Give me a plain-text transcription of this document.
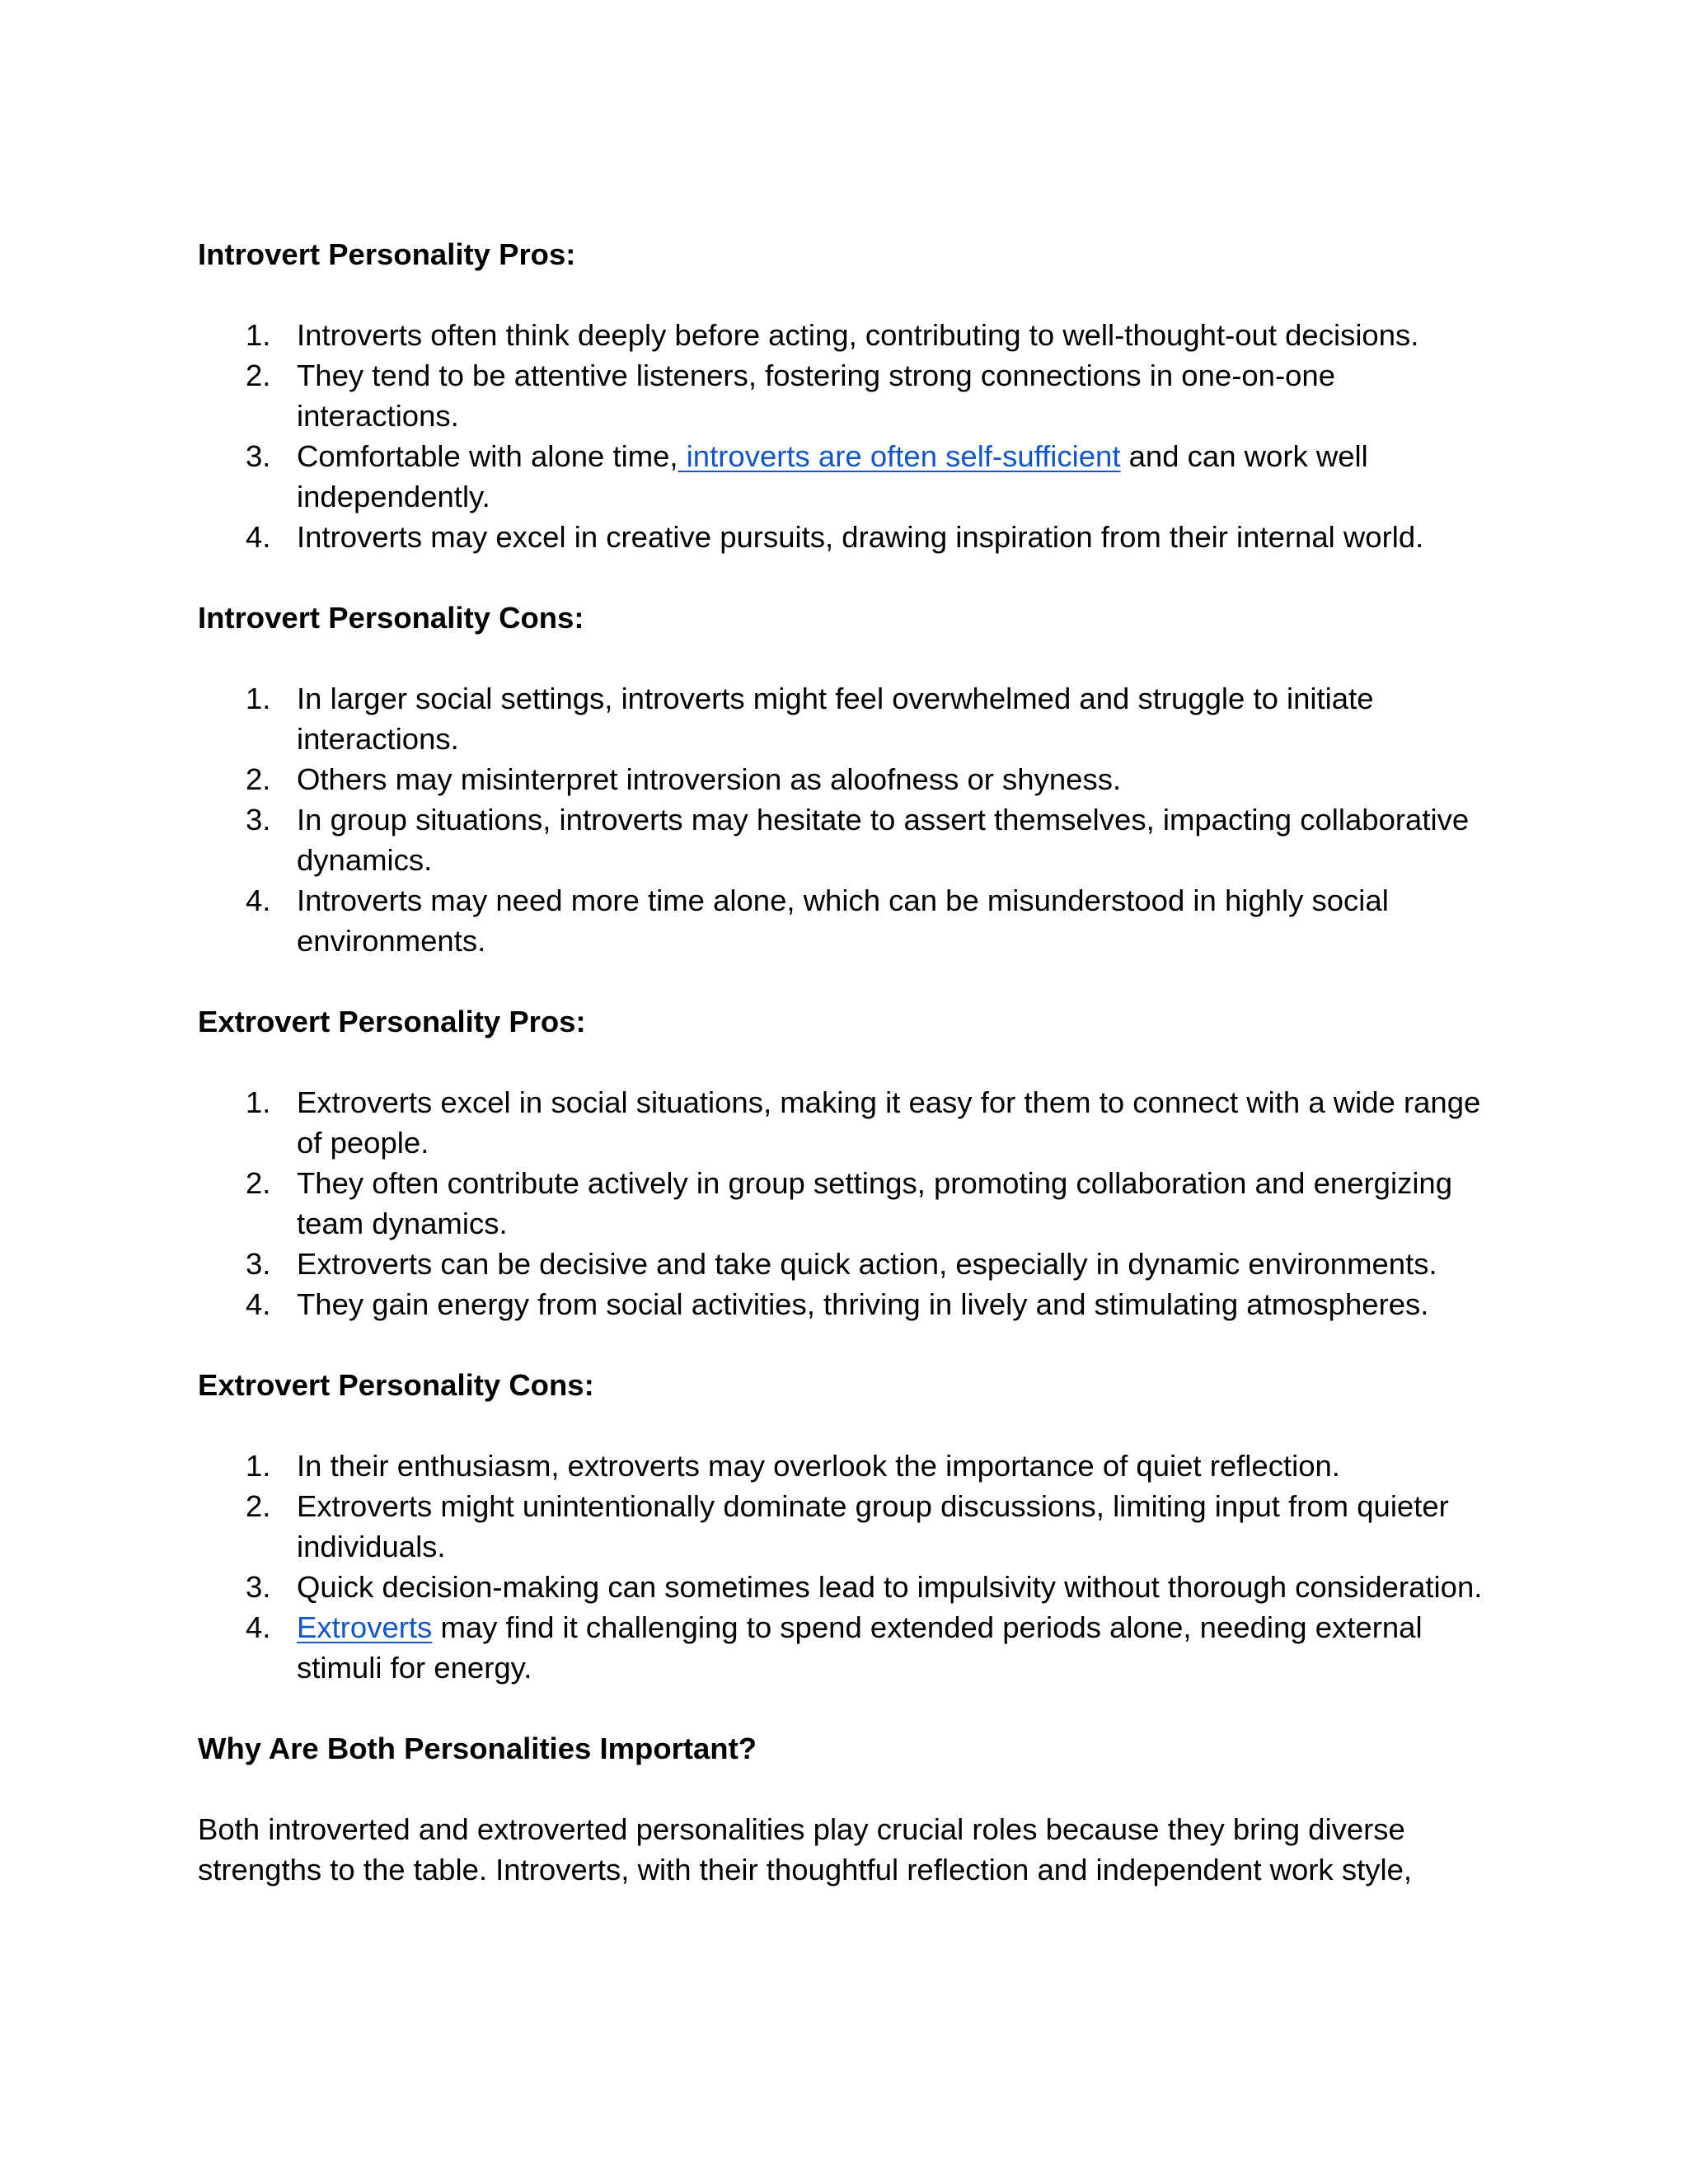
Introvert Personality Pros:
1. Introverts often think deeply before acting, contributing to well-thought-out decisions.
2. They tend to be attentive listeners, fostering strong connections in one-on-one interactions.
3. Comfortable with alone time, introverts are often self-sufficient and can work well independently.
4. Introverts may excel in creative pursuits, drawing inspiration from their internal world.
Introvert Personality Cons:
1. In larger social settings, introverts might feel overwhelmed and struggle to initiate interactions.
2. Others may misinterpret introversion as aloofness or shyness.
3. In group situations, introverts may hesitate to assert themselves, impacting collaborative dynamics.
4. Introverts may need more time alone, which can be misunderstood in highly social environments.
Extrovert Personality Pros:
1. Extroverts excel in social situations, making it easy for them to connect with a wide range of people.
2. They often contribute actively in group settings, promoting collaboration and energizing team dynamics.
3. Extroverts can be decisive and take quick action, especially in dynamic environments.
4. They gain energy from social activities, thriving in lively and stimulating atmospheres.
Extrovert Personality Cons:
1. In their enthusiasm, extroverts may overlook the importance of quiet reflection.
2. Extroverts might unintentionally dominate group discussions, limiting input from quieter individuals.
3. Quick decision-making can sometimes lead to impulsivity without thorough consideration.
4. Extroverts may find it challenging to spend extended periods alone, needing external stimuli for energy.
Why Are Both Personalities Important?

Both introverted and extroverted personalities play crucial roles because they bring diverse strengths to the table. Introverts, with their thoughtful reflection and independent work style,
